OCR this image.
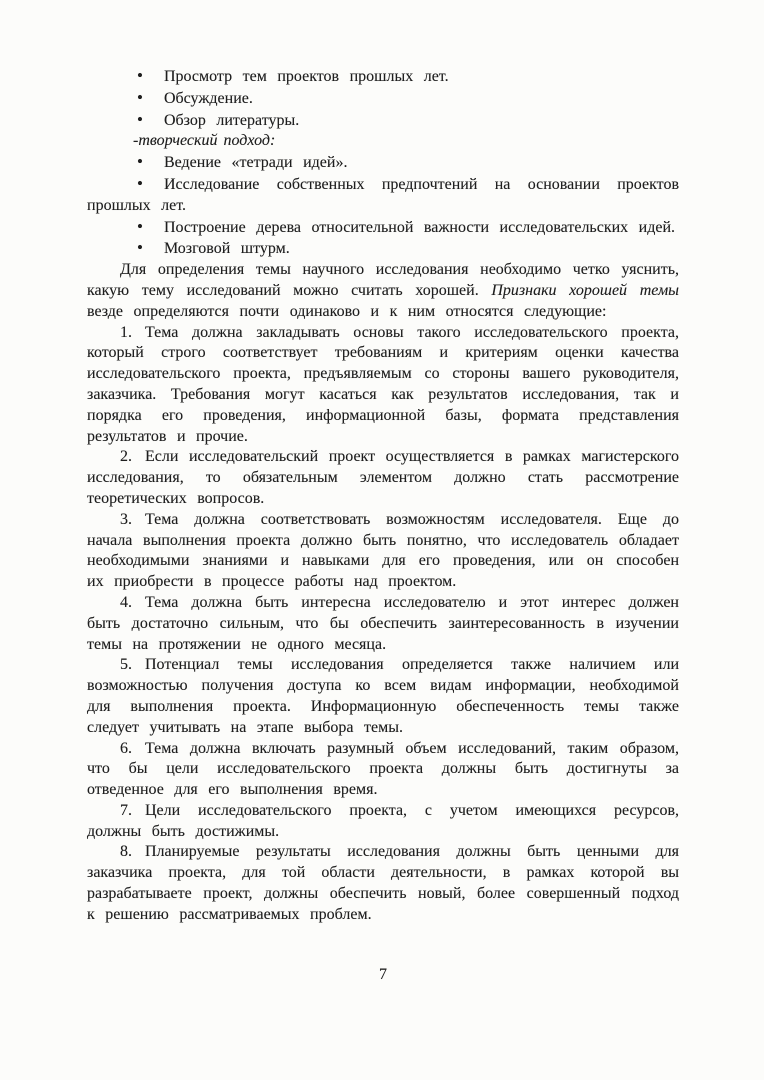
• Просмотр тем проектов прошлых лет.

• Обсуждение.

• Обзор литературы.

-творческий подход:

• Ведение «тетради идей».

• Исследование собственных предпочтений на основании проектов прошлых лет.

• Построение дерева относительной важности исследовательских идей.

• Мозговой штурм.

Для определения темы научного исследования необходимо четко уяснить, какую тему исследований можно считать хорошей. Признаки хорошей темы везде определяются почти одинаково и к ним относятся следующие:

1. Тема должна закладывать основы такого исследовательского проекта, который строго соответствует требованиям и критериям оценки качества исследовательского проекта, предъявляемым со стороны вашего руководителя, заказчика. Требования могут касаться как результатов исследования, так и порядка его проведения, информационной базы, формата представления результатов и прочие.

2. Если исследовательский проект осуществляется в рамках магистерского исследования, то обязательным элементом должно стать рассмотрение теоретических вопросов.

3. Тема должна соответствовать возможностям исследователя. Еще до начала выполнения проекта должно быть понятно, что исследователь обладает необходимыми знаниями и навыками для его проведения, или он способен их приобрести в процессе работы над проектом.

4. Тема должна быть интересна исследователю и этот интерес должен быть достаточно сильным, что бы обеспечить заинтересованность в изучении темы на протяжении не одного месяца.

5. Потенциал темы исследования определяется также наличием или возможностью получения доступа ко всем видам информации, необходимой для выполнения проекта. Информационную обеспеченность темы также следует учитывать на этапе выбора темы.

6. Тема должна включать разумный объем исследований, таким образом, что бы цели исследовательского проекта должны быть достигнуты за отведенное для его выполнения время.

7. Цели исследовательского проекта, с учетом имеющихся ресурсов, должны быть достижимы.

8. Планируемые результаты исследования должны быть ценными для заказчика проекта, для той области деятельности, в рамках которой вы разрабатываете проект, должны обеспечить новый, более совершенный подход к решению рассматриваемых проблем.

7
